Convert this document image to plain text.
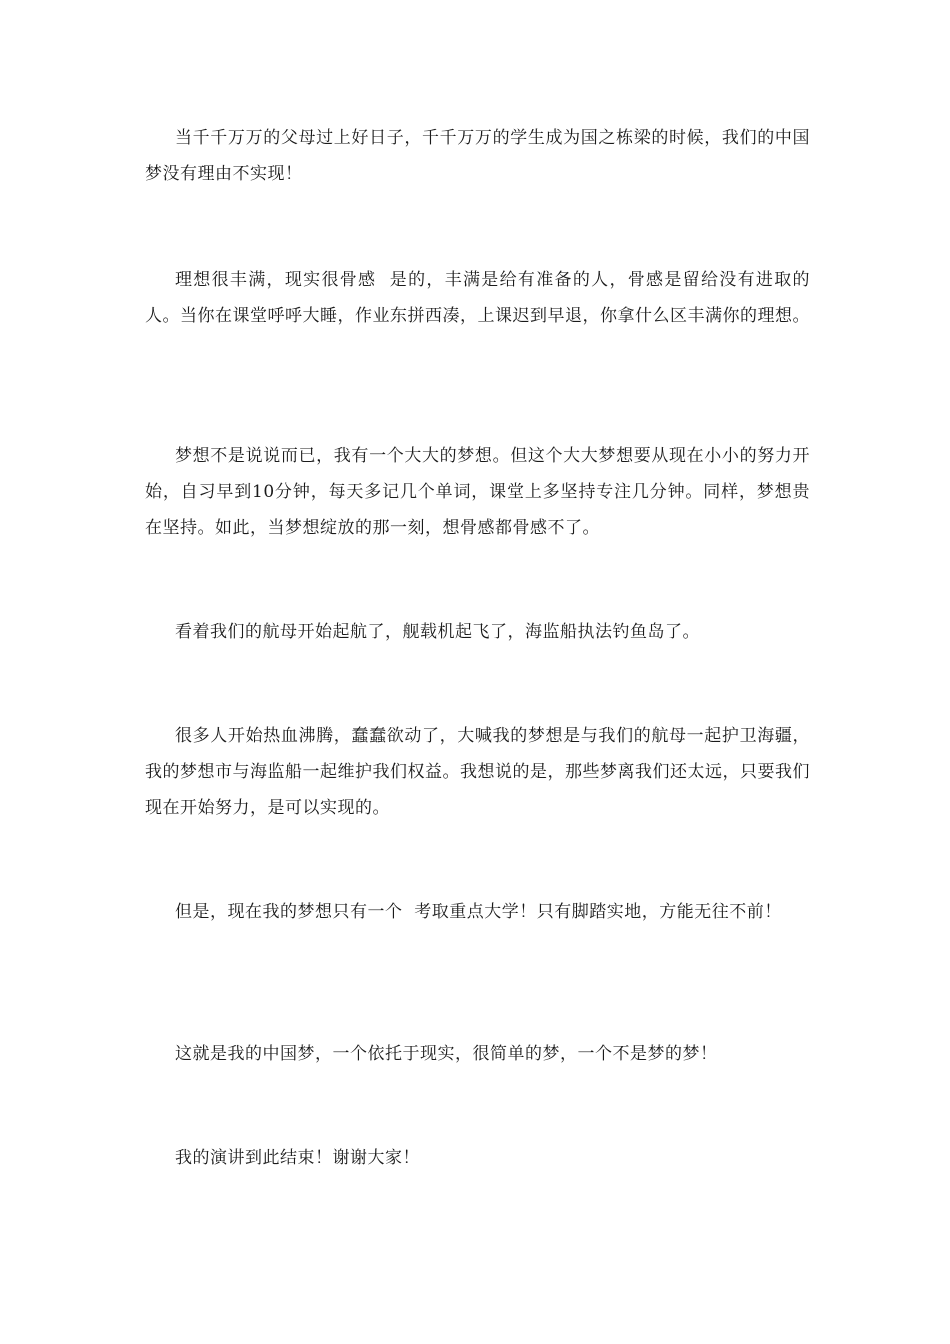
当千千万万的父母过上好日子，千千万万的学生成为国之栋梁的时候，我们的中国梦没有理由不实现！

理想很丰满，现实很骨感  是的，丰满是给有准备的人，骨感是留给没有进取的人。当你在课堂呼呼大睡，作业东拼西凑，上课迟到早退，你拿什么区丰满你的理想。

梦想不是说说而已，我有一个大大的梦想。但这个大大梦想要从现在小小的努力开始，自习早到10分钟，每天多记几个单词，课堂上多坚持专注几分钟。同样，梦想贵在坚持。如此，当梦想绽放的那一刻，想骨感都骨感不了。

看着我们的航母开始起航了，舰载机起飞了，海监船执法钓鱼岛了。

很多人开始热血沸腾，蠢蠢欲动了，大喊我的梦想是与我们的航母一起护卫海疆，我的梦想市与海监船一起维护我们权益。我想说的是，那些梦离我们还太远，只要我们现在开始努力，是可以实现的。

但是，现在我的梦想只有一个  考取重点大学！只有脚踏实地，方能无往不前！

这就是我的中国梦，一个依托于现实，很简单的梦，一个不是梦的梦！

我的演讲到此结束！谢谢大家！
